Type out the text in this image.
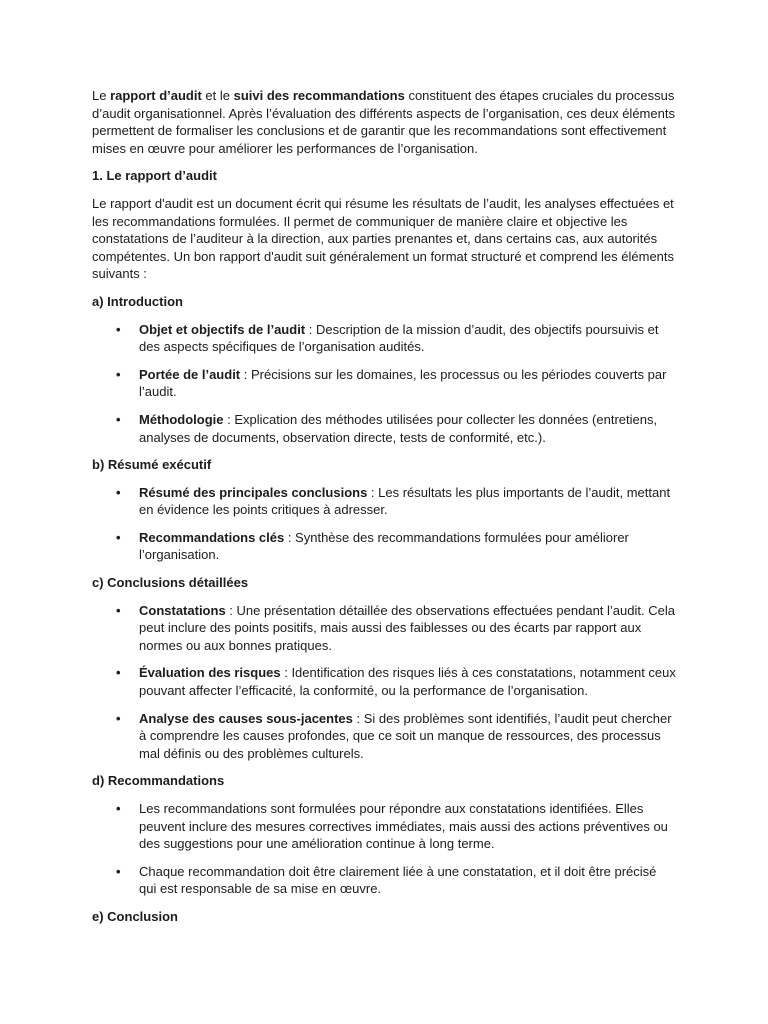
Le rapport d’audit et le suivi des recommandations constituent des étapes cruciales du processus d’audit organisationnel. Après l’évaluation des différents aspects de l’organisation, ces deux éléments permettent de formaliser les conclusions et de garantir que les recommandations sont effectivement mises en œuvre pour améliorer les performances de l’organisation.

1. Le rapport d’audit

Le rapport d'audit est un document écrit qui résume les résultats de l’audit, les analyses effectuées et les recommandations formulées. Il permet de communiquer de manière claire et objective les constatations de l’auditeur à la direction, aux parties prenantes et, dans certains cas, aux autorités compétentes. Un bon rapport d'audit suit généralement un format structuré et comprend les éléments suivants :

a) Introduction

• Objet et objectifs de l’audit : Description de la mission d’audit, des objectifs poursuivis et des aspects spécifiques de l’organisation audités.
• Portée de l’audit : Précisions sur les domaines, les processus ou les périodes couverts par l’audit.
• Méthodologie : Explication des méthodes utilisées pour collecter les données (entretiens, analyses de documents, observation directe, tests de conformité, etc.).

b) Résumé exécutif

• Résumé des principales conclusions : Les résultats les plus importants de l’audit, mettant en évidence les points critiques à adresser.
• Recommandations clés : Synthèse des recommandations formulées pour améliorer l’organisation.

c) Conclusions détaillées

• Constatations : Une présentation détaillée des observations effectuées pendant l’audit. Cela peut inclure des points positifs, mais aussi des faiblesses ou des écarts par rapport aux normes ou aux bonnes pratiques.
• Évaluation des risques : Identification des risques liés à ces constatations, notamment ceux pouvant affecter l’efficacité, la conformité, ou la performance de l’organisation.
• Analyse des causes sous-jacentes : Si des problèmes sont identifiés, l’audit peut chercher à comprendre les causes profondes, que ce soit un manque de ressources, des processus mal définis ou des problèmes culturels.

d) Recommandations

• Les recommandations sont formulées pour répondre aux constatations identifiées. Elles peuvent inclure des mesures correctives immédiates, mais aussi des actions préventives ou des suggestions pour une amélioration continue à long terme.
• Chaque recommandation doit être clairement liée à une constatation, et il doit être précisé qui est responsable de sa mise en œuvre.

e) Conclusion
